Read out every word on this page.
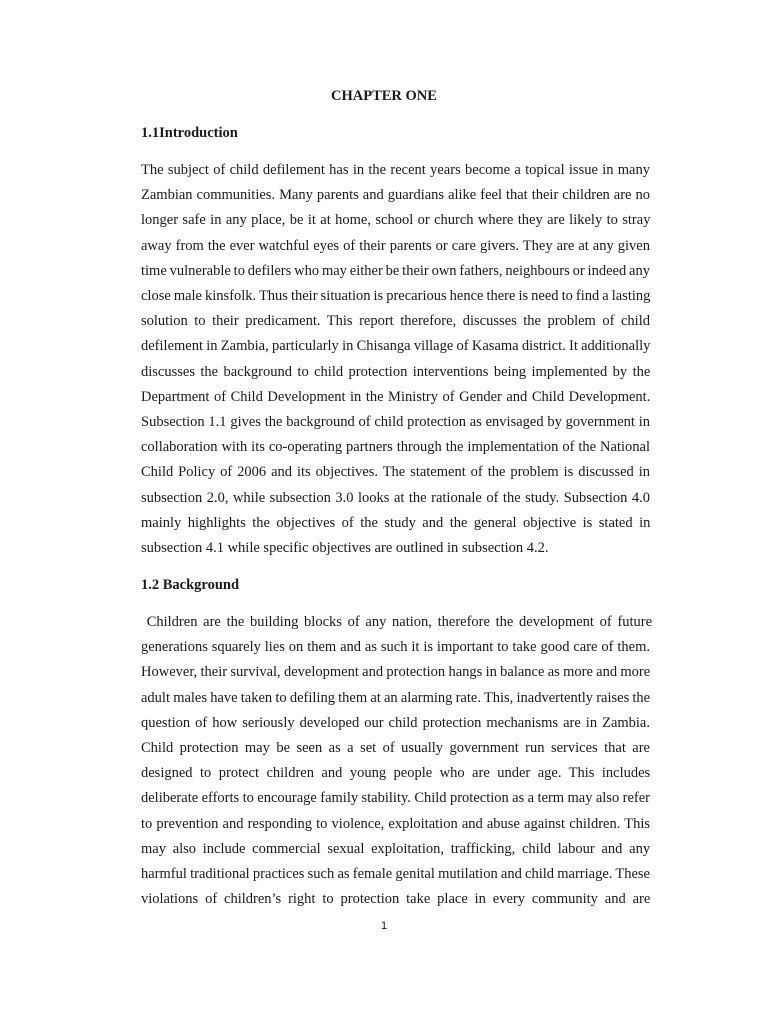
CHAPTER ONE
1.1Introduction
The subject of child defilement has in the recent years become a topical issue in many
Zambian communities. Many parents and guardians alike feel that their children are no
longer safe in any place, be it at home, school or church where they are likely to stray
away from the ever watchful eyes of their parents or care givers. They are at any given
time vulnerable to defilers who may either be their own fathers, neighbours or indeed any
close male kinsfolk. Thus their situation is precarious hence there is need to find a lasting
solution to their predicament. This report therefore, discusses the problem of child
defilement in Zambia, particularly in Chisanga village of Kasama district. It additionally
discusses the background to child protection interventions being implemented by the
Department of Child Development in the Ministry of Gender and Child Development.
Subsection 1.1 gives the background of child protection as envisaged by government in
collaboration with its co-operating partners through the implementation of the National
Child Policy of 2006 and its objectives. The statement of the problem is discussed in
subsection 2.0, while subsection 3.0 looks at the rationale of the study. Subsection 4.0
mainly highlights the objectives of the study and the general objective is stated in
subsection 4.1 while specific objectives are outlined in subsection 4.2.
1.2 Background
Children are the building blocks of any nation, therefore the development of future
generations squarely lies on them and as such it is important to take good care of them.
However, their survival, development and protection hangs in balance as more and more
adult males have taken to defiling them at an alarming rate. This, inadvertently raises the
question of how seriously developed our child protection mechanisms are in Zambia.
Child protection may be seen as a set of usually government run services that are
designed to protect children and young people who are under age. This includes
deliberate efforts to encourage family stability. Child protection as a term may also refer
to prevention and responding to violence, exploitation and abuse against children. This
may also include commercial sexual exploitation, trafficking, child labour and any
harmful traditional practices such as female genital mutilation and child marriage. These
violations of children’s right to protection take place in every community and are
1
